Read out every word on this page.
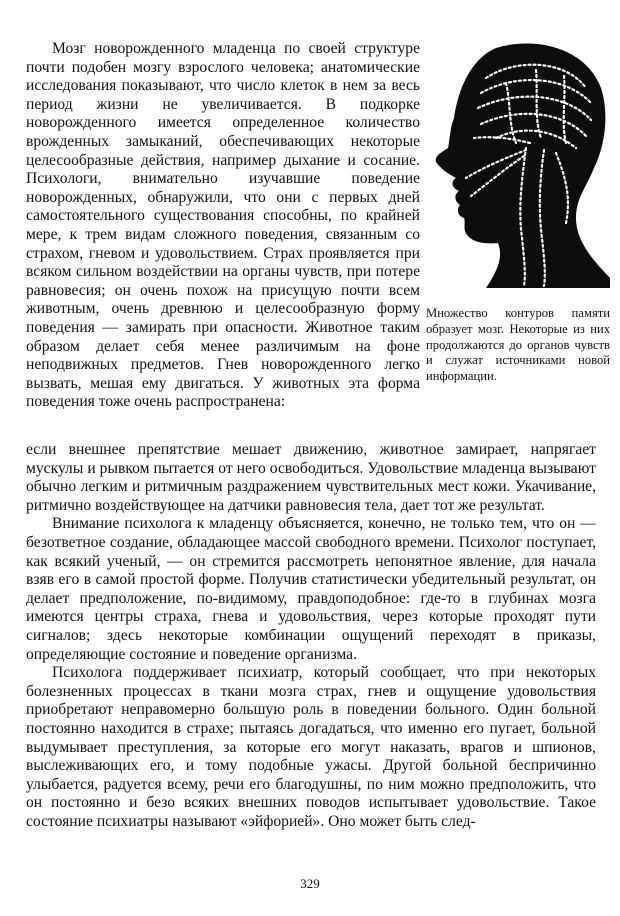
Множество контуров памяти образует мозг. Некоторые из них продолжаются до органов чувств и служат источниками новой информации.

Мозг новорожденного младенца по своей структуре почти подобен мозгу взрослого человека; анатомические исследования показывают, что число клеток в нем за весь период жизни не увеличивается. В подкорке новорожденного имеется определенное количество врожденных замыканий, обеспечивающих некоторые целесообразные действия, например дыхание и сосание. Психологи, внимательно изучавшие поведение новорожденных, обнаружили, что они с первых дней самостоятельного существования способны, по крайней мере, к трем видам сложного поведения, связанным со страхом, гневом и удовольствием. Страх проявляется при всяком сильном воздействии на органы чувств, при потере равновесия; он очень похож на присущую почти всем животным, очень древнюю и целесообразную форму поведения — замирать при опасности. Животное таким образом делает себя менее различимым на фоне неподвижных предметов. Гнев новорожденного легко вызвать, мешая ему двигаться. У животных эта форма поведения тоже очень распространена:

если внешнее препятствие мешает движению, животное замирает, напрягает мускулы и рывком пытается от него освободиться. Удовольствие младенца вызывают обычно легким и ритмичным раздражением чувствительных мест кожи. Укачивание, ритмично воздействующее на датчики равновесия тела, дает тот же результат.

Внимание психолога к младенцу объясняется, конечно, не только тем, что он — безответное создание, обладающее массой свободного времени. Психолог поступает, как всякий ученый, — он стремится рассмотреть непонятное явление, для начала взяв его в самой простой форме. Получив статистически убедительный результат, он делает предположение, по-видимому, правдоподобное: где-то в глубинах мозга имеются центры страха, гнева и удовольствия, через которые проходят пути сигналов; здесь некоторые комбинации ощущений переходят в приказы, определяющие состояние и поведение организма.

Психолога поддерживает психиатр, который сообщает, что при некоторых болезненных процессах в ткани мозга страх, гнев и ощущение удовольствия приобретают неправомерно большую роль в поведении больного. Один больной постоянно находится в страхе; пытаясь догадаться, что именно его пугает, больной выдумывает преступления, за которые его могут наказать, врагов и шпионов, выслеживающих его, и тому подобные ужасы. Другой больной беспричинно улыбается, радуется всему, речи его благодушны, по ним можно предположить, что он постоянно и безо всяких внешних поводов испытывает удовольствие. Такое состояние психиатры называют «эйфорией». Оно может быть след-

329
